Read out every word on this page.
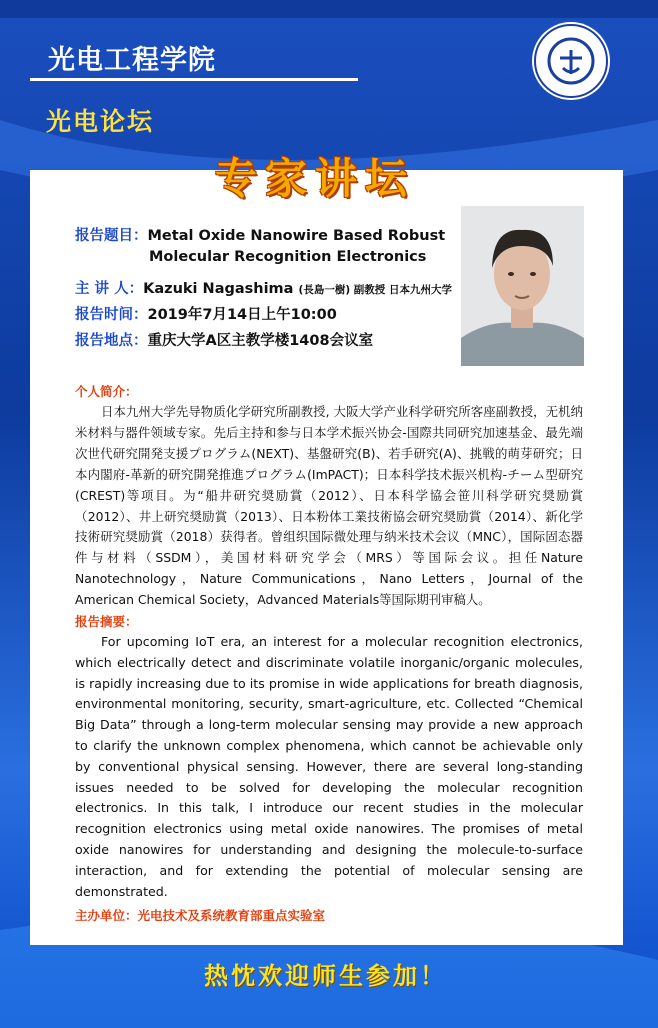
光电工程学院
光电论坛
专家讲坛
报告题目：Metal Oxide Nanowire Based Robust
Molecular Recognition Electronics
主 讲 人：Kazuki Nagashima (長島一樹) 副教授 日本九州大学
报告时间：2019年7月14日上午10:00
报告地点：重庆大学A区主教学楼1408会议室
个人简介：

日本九州大学先导物质化学研究所副教授, 大阪大学产业科学研究所客座副教授，无机纳米材料与器件领域专家。先后主持和参与日本学术振兴协会-国際共同研究加速基金、最先端次世代研究開発支援プログラム(NEXT)、基盤研究(B)、若手研究(A)、挑戦的萌芽研究；日本内閣府-革新的研究開発推進プログラム(ImPACT)；日本科学技术振兴机构-チーム型研究(CREST)等项目。为“船井研究奨励賞（2012）、日本科学協会笹川科学研究奨励賞（2012）、井上研究奨励賞（2013）、日本粉体工業技術協会研究奨励賞（2014）、新化学技術研究奨励賞（2018）获得者。曾组织国际微处理与纳米技术会议（MNC），国际固态器件与材料（SSDM），美国材料研究学会（MRS）等国际会议。担任Nature Nanotechnology，Nature Communications，Nano Letters，Journal of the American Chemical Society，Advanced Materials等国际期刊审稿人。

报告摘要：

For upcoming IoT era, an interest for a molecular recognition electronics, which electrically detect and discriminate volatile inorganic/organic molecules, is rapidly increasing due to its promise in wide applications for breath diagnosis, environmental monitoring, security, smart-agriculture, etc. Collected “Chemical Big Data” through a long-term molecular sensing may provide a new approach to clarify the unknown complex phenomena, which cannot be achievable only by conventional physical sensing. However, there are several long-standing issues needed to be solved for developing the molecular recognition electronics. In this talk, I introduce our recent studies in the molecular recognition electronics using metal oxide nanowires. The promises of metal oxide nanowires for understanding and designing the molecule-to-surface interaction, and for extending the potential of molecular sensing are demonstrated.

主办单位：光电技术及系统教育部重点实验室
热忱欢迎师生参加！
